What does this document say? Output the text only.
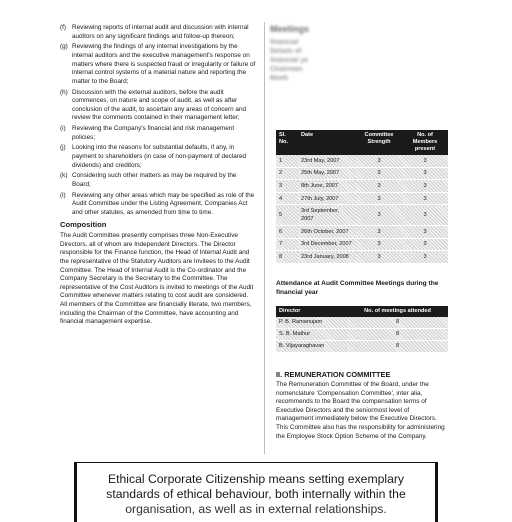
(f) Reviewing reports of internal audit and discussion with internal auditors on any significant findings and follow-up thereon;
(g) Reviewing the findings of any internal investigations by the internal auditors and the executive management's response on matters where there is suspected fraud or irregularity or failure of internal control systems of a material nature and reporting the matter to the Board;
(h) Discussion with the external auditors, before the audit commences, on nature and scope of audit, as well as after conclusion of the audit, to ascertain any areas of concern and review the comments contained in their management letter;
(i) Reviewing the Company's financial and risk management policies;
(j) Looking into the reasons for substantial defaults, if any, in payment to shareholders (in case of non-payment of declared dividends) and creditors;
(k) Considering such other matters as may be required by the Board;
(l) Reviewing any other areas which may be specified as role of the Audit Committee under the Listing Agreement, Companies Act and other statutes, as amended from time to time.
Composition

The Audit Committee presently comprises three Non-Executive Directors, all of whom are Independent Directors. The Director responsible for the Finance function, the Head of Internal Audit and the representative of the Statutory Auditors are Invitees to the Audit Committee. The Head of Internal Audit is the Co-ordinator and the Company Secretary is the Secretary to the Committee. The representative of the Cost Auditors is invited to meetings of the Audit Committee whenever matters relating to cost audit are considered. All members of the Committee are financially literate, two members, including the Chairman of the Committee, have accounting and financial management expertise.

Meetings
financial
Details of
financial ye
Chairman
Meeti
Sl. No.	Date	Committee Strength	No. of Members present
1	23rd May, 2007	3	3
2	25th May, 2007	3	3
3	8th June, 2007	3	3
4	27th July, 2007	3	3
5	3rd September, 2007	3	3
6	26th October, 2007	3	3
7	3rd December, 2007	3	3
8	23rd January, 2008	3	3
Attendance at Audit Committee Meetings during the financial year
Director	No. of meetings attended
P. B. Ramanujam	8
S. B. Mathur	8
B. Vijayaraghavan	8
II. REMUNERATION COMMITTEE
The Remuneration Committee of the Board, under the nomenclature 'Compensation Committee', inter alia, recommends to the Board the compensation terms of Executive Directors and the seniormost level of management immediately below the Executive Directors. This Committee also has the responsibility for administering the Employee Stock Option Scheme of the Company.
Ethical Corporate Citizenship means setting exemplary
standards of ethical behaviour, both internally within the
organisation, as well as in external relationships.
